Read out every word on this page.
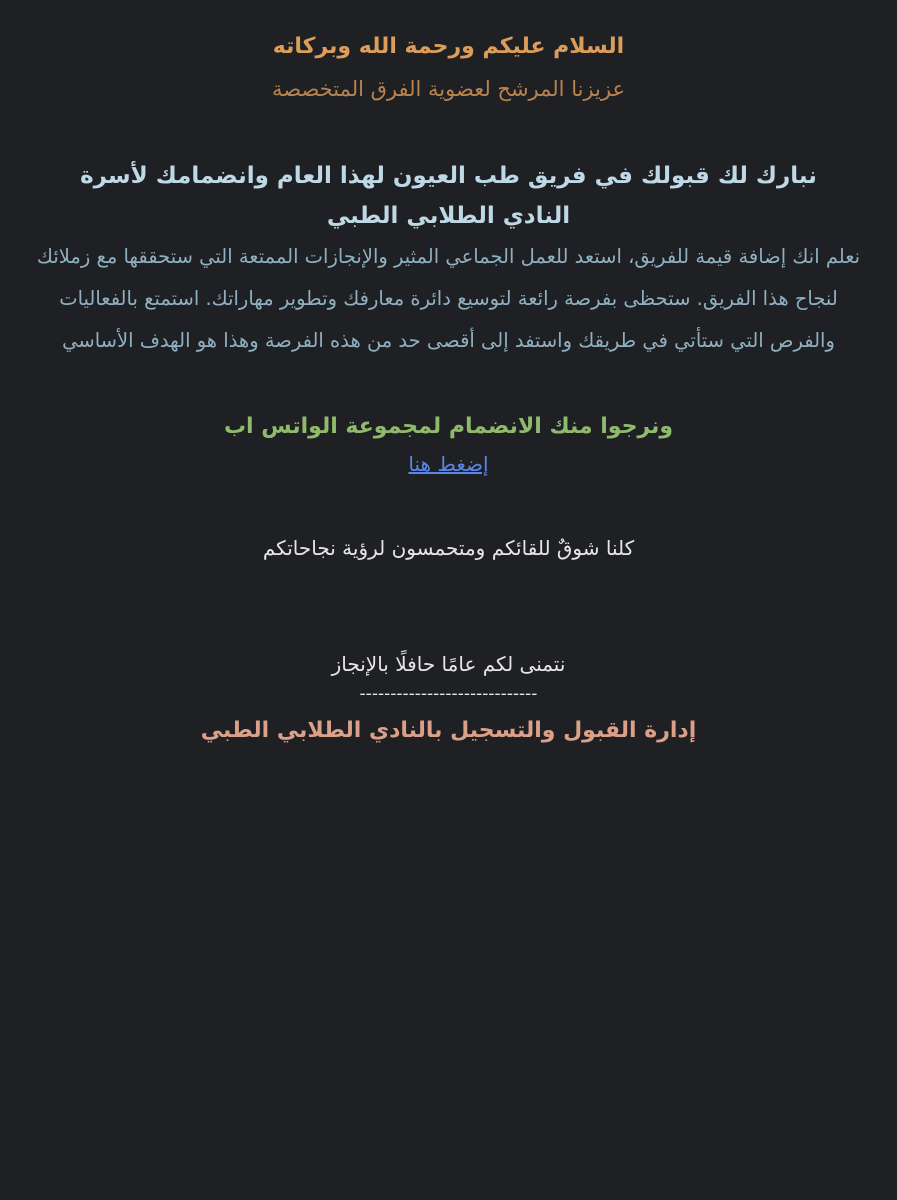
السلام عليكم ورحمة الله وبركاته

عزيزنا المرشح لعضوية الفرق المتخصصة

نبارك لك قبولك في فريق طب العيون لهذا العام وانضمامك لأسرة النادي الطلابي الطبي

نعلم انك إضافة قيمة للفريق، استعد للعمل الجماعي المثير والإنجازات الممتعة التي ستحققها مع زملائك لنجاح هذا الفريق. ستحظى بفرصة رائعة لتوسيع دائرة معارفك وتطوير مهاراتك. استمتع بالفعاليات والفرص التي ستأتي في طريقك واستفد إلى أقصى حد من هذه الفرصة وهذا هو الهدف الأساسي

ونرجوا منك الانضمام لمجموعة الواتس اب

إضغط هنا

كلنا شوقٌ للقائكم ومتحمسون لرؤية نجاحاتكم

نتمنى لكم عامًا حافلًا بالإنجاز

-----------------------------

إدارة القبول والتسجيل بالنادي الطلابي الطبي
